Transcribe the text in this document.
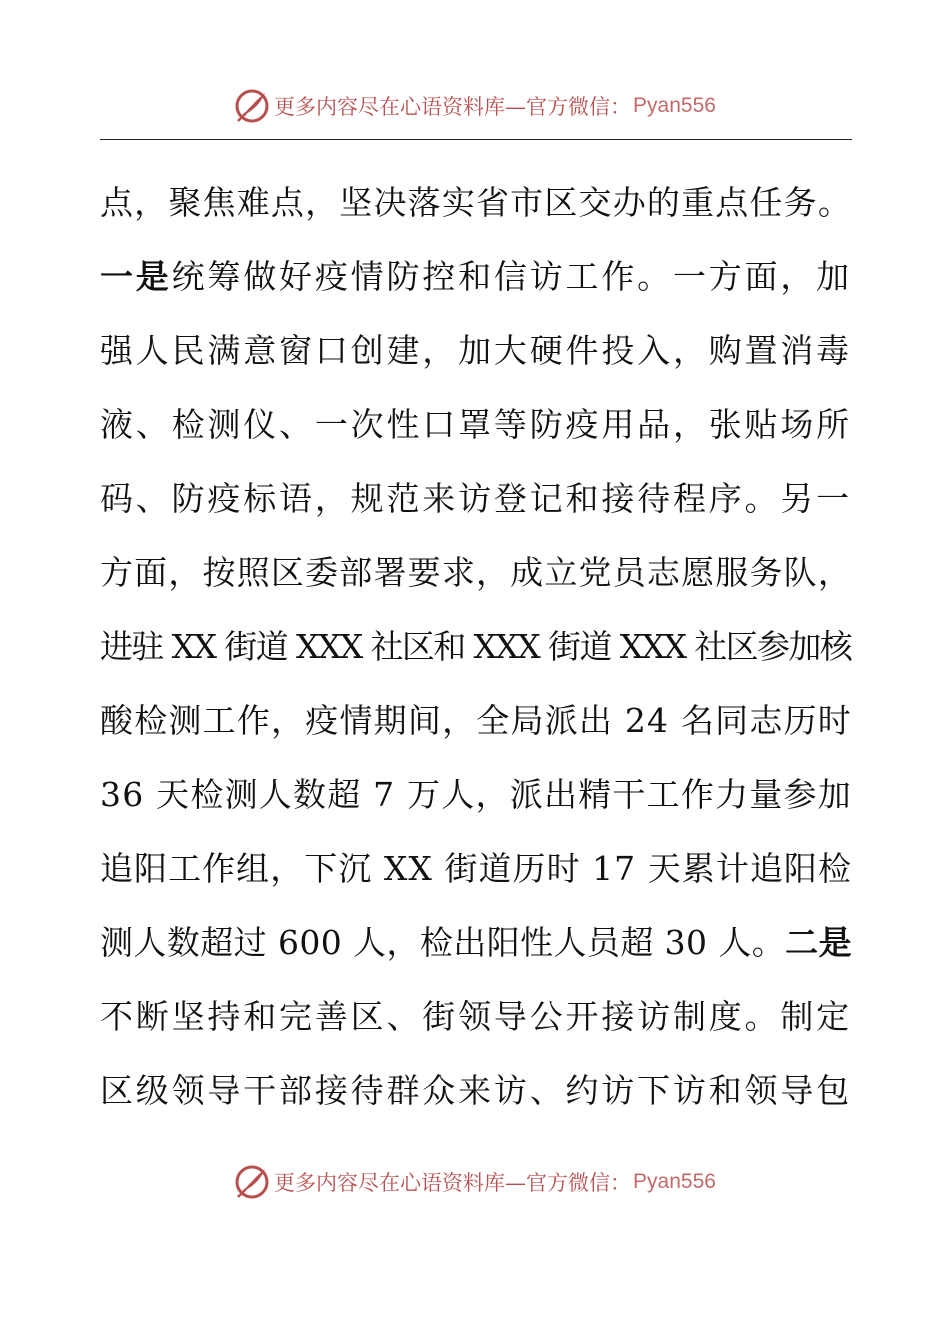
更多内容尽在心语资料库—官方微信： Pyan556
点，聚焦难点，坚决落实省市区交办的重点任务。
一是统筹做好疫情防控和信访工作。一方面，加
强人民满意窗口创建，加大硬件投入，购置消毒
液、检测仪、一次性口罩等防疫用品，张贴场所
码、防疫标语，规范来访登记和接待程序。另一
方面，按照区委部署要求，成立党员志愿服务队，
进驻 XX 街道 XXX 社区和 XXX 街道 XXX 社区参加核
酸检测工作，疫情期间，全局派出 24 名同志历时
36 天检测人数超 7 万人，派出精干工作力量参加
追阳工作组，下沉 XX 街道历时 17 天累计追阳检
测人数超过 600 人，检出阳性人员超 30 人。二是
不断坚持和完善区、街领导公开接访制度。制定
区级领导干部接待群众来访、约访下访和领导包
更多内容尽在心语资料库—官方微信： Pyan556
